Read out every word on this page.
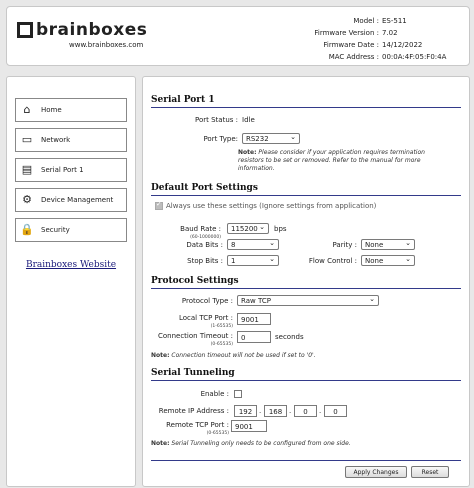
brainboxes
www.brainboxes.com
Model : ES-511
Firmware Version : 7.02
Firmware Date : 14/12/2022
MAC Address : 00:0A:4F:05:F0:4A
⌂	Home
▭	Network
▤	Serial Port 1
⚙	Device Management
🔒 Security
Brainboxes Website
Serial Port 1
Port Status : Idle
Port Type:	RS232 ⌄
Note: Please consider if your application requires termination resistors to be set or removed. Refer to the manual for more information.
Default Port Settings
✓
Always use these settings (Ignore settings from application)
Baud Rate :
(60-1000000)
115200 ⌄	bps
Data Bits :	8 ⌄	Parity :	None ⌄
Stop Bits :	1 ⌄	Flow Control :	None ⌄
Protocol Settings
Protocol Type :	Raw TCP ⌄
Local TCP Port :
(1-65535)
9001
Connection Timeout :
(0-65535)
0	seconds
Note: Connection timeout will not be used if set to '0'.
Serial Tunneling
Enable :
Remote IP Address :	192 .	168 .	0	.	0
Remote TCP Port :
(0-65535)
9001
Note: Serial Tunneling only needs to be configured from one side.
Apply Changes	Reset
